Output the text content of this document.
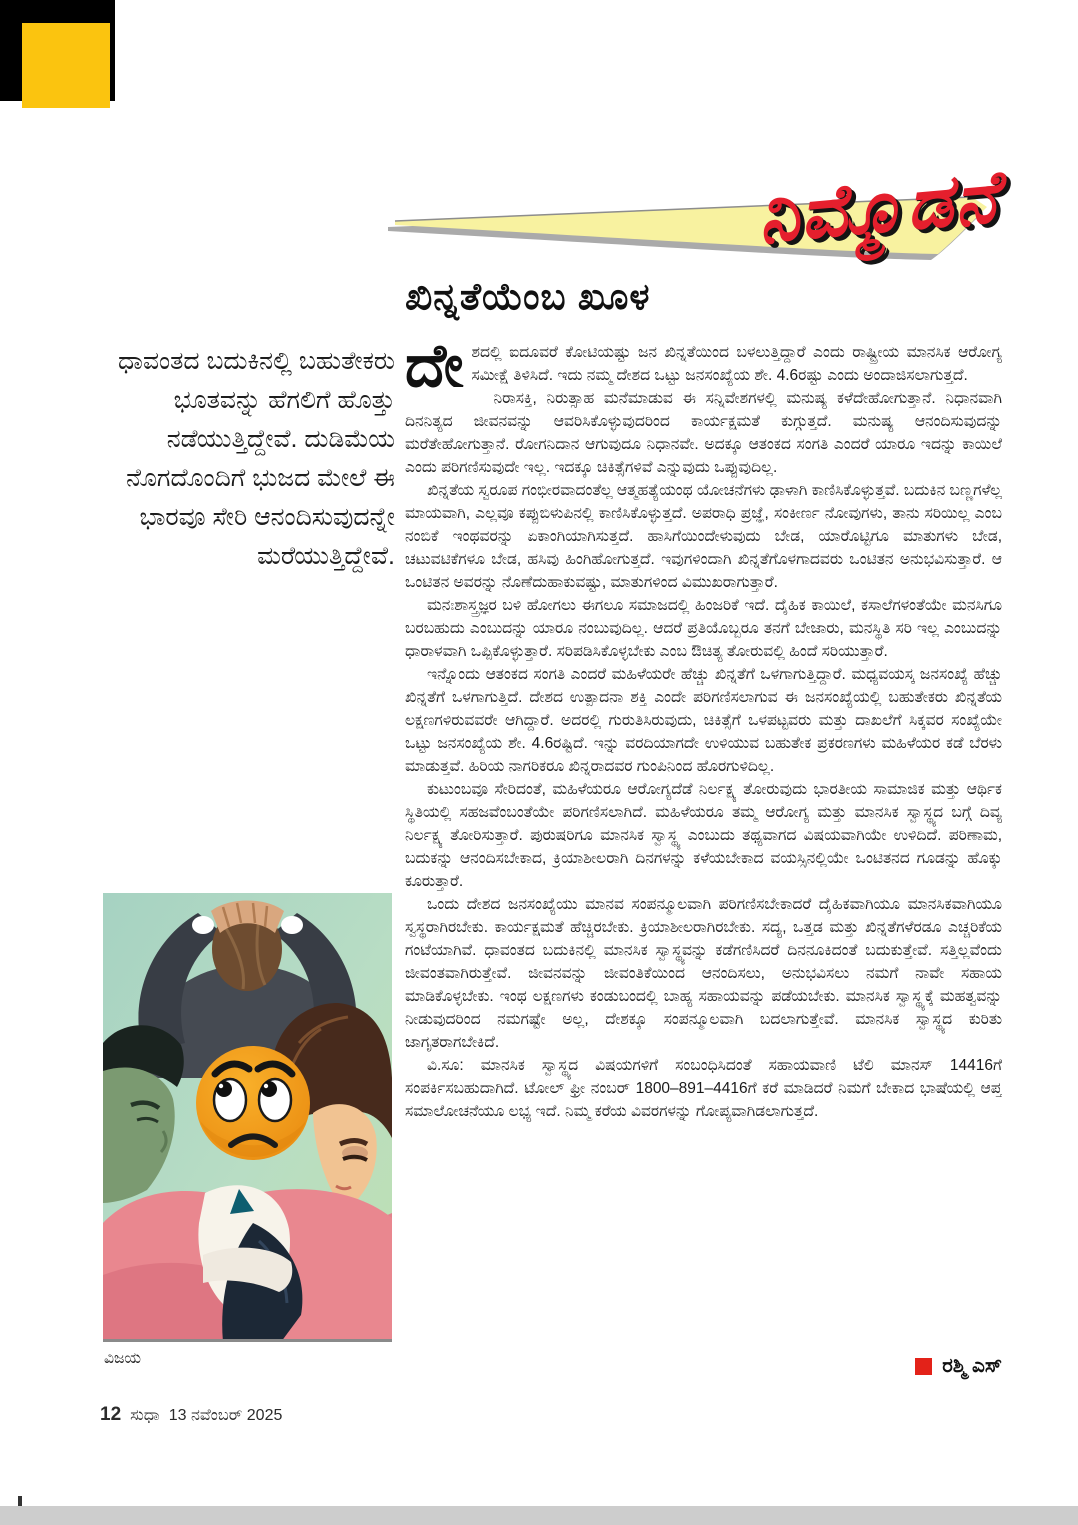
ನಿಮ್ಮೊಡನೆ
ಧಾವಂತದ ಬದುಕಿನಲ್ಲಿ ಬಹುತೇಕರು ಭೂತವನ್ನು ಹೆಗಲಿಗೆ ಹೊತ್ತು ನಡೆಯುತ್ತಿದ್ದೇವೆ. ದುಡಿಮೆಯ ನೊಗದೊಂದಿಗೆ ಭುಜದ ಮೇಲೆ ಈ ಭಾರವೂ ಸೇರಿ ಆನಂದಿಸುವುದನ್ನೇ ಮರೆಯುತ್ತಿದ್ದೇವೆ.
ಖಿನ್ನತೆಯೆಂಬ ಖೂಳ

ದೇಶದಲ್ಲಿ ಐದೂವರೆ ಕೋಟಿಯಷ್ಟು ಜನ ಖಿನ್ನತೆಯಿಂದ ಬಳಲುತ್ತಿದ್ದಾರೆ ಎಂದು ರಾಷ್ಟ್ರೀಯ ಮಾನಸಿಕ ಆರೋಗ್ಯ ಸಮೀಕ್ಷೆ ತಿಳಿಸಿದೆ. ಇದು ನಮ್ಮ ದೇಶದ ಒಟ್ಟು ಜನಸಂಖ್ಯೆಯ ಶೇ. 4.6ರಷ್ಟು ಎಂದು ಅಂದಾಜಿಸಲಾಗುತ್ತದೆ.

ನಿರಾಸಕ್ತಿ, ನಿರುತ್ಸಾಹ ಮನೆಮಾಡುವ ಈ ಸನ್ನಿವೇಶಗಳಲ್ಲಿ ಮನುಷ್ಯ ಕಳೆದೇಹೋಗುತ್ತಾನೆ. ನಿಧಾನವಾಗಿ ದಿನನಿತ್ಯದ ಜೀವನವನ್ನು ಆವರಿಸಿಕೊಳ್ಳುವುದರಿಂದ ಕಾರ್ಯಕ್ಷಮತೆ ಕುಗ್ಗುತ್ತದೆ. ಮನುಷ್ಯ ಆನಂದಿಸುವುದನ್ನು ಮರೆತೇಹೋಗುತ್ತಾನೆ. ರೋಗನಿದಾನ ಆಗುವುದೂ ನಿಧಾನವೇ. ಅದಕ್ಕೂ ಆತಂಕದ ಸಂಗತಿ ಎಂದರೆ ಯಾರೂ ಇದನ್ನು ಕಾಯಿಲೆ ಎಂದು ಪರಿಗಣಿಸುವುದೇ ಇಲ್ಲ. ಇದಕ್ಕೂ ಚಿಕಿತ್ಸೆಗಳಿವೆ ಎನ್ನುವುದು ಒಪ್ಪುವುದಿಲ್ಲ.

ಖಿನ್ನತೆಯ ಸ್ವರೂಪ ಗಂಭೀರವಾದಂತೆಲ್ಲ ಆತ್ಮಹತ್ಯೆಯಂಥ ಯೋಚನೆಗಳು ಢಾಳಾಗಿ ಕಾಣಿಸಿಕೊಳ್ಳುತ್ತವೆ. ಬದುಕಿನ ಬಣ್ಣಗಳೆಲ್ಲ ಮಾಯವಾಗಿ, ಎಲ್ಲವೂ ಕಪ್ಪುಬಿಳುಪಿನಲ್ಲಿ ಕಾಣಿಸಿಕೊಳ್ಳುತ್ತದೆ. ಅಪರಾಧಿ ಪ್ರಜ್ಞೆ, ಸಂಕೀರ್ಣ ನೋವುಗಳು, ತಾನು ಸರಿಯಿಲ್ಲ ಎಂಬ ನಂಬಿಕೆ ಇಂಥವರನ್ನು ಏಕಾಂಗಿಯಾಗಿಸುತ್ತದೆ. ಹಾಸಿಗೆಯಿಂದೇಳುವುದು ಬೇಡ, ಯಾರೊಟ್ಟಿಗೂ ಮಾತುಗಳು ಬೇಡ, ಚಟುವಟಿಕೆಗಳೂ ಬೇಡ, ಹಸಿವು ಹಿಂಗಿಹೋಗುತ್ತದೆ. ಇವುಗಳಿಂದಾಗಿ ಖಿನ್ನತೆಗೊಳಗಾದವರು ಒಂಟಿತನ ಅನುಭವಿಸುತ್ತಾರೆ. ಆ ಒಂಟಿತನ ಅವರನ್ನು ನೊಣೆದುಹಾಕುವಷ್ಟು, ಮಾತುಗಳಿಂದ ವಿಮುಖರಾಗುತ್ತಾರೆ.

ಮನಃಶಾಸ್ತ್ರಜ್ಞರ ಬಳಿ ಹೋಗಲು ಈಗಲೂ ಸಮಾಜದಲ್ಲಿ ಹಿಂಜರಿಕೆ ಇದೆ. ದೈಹಿಕ ಕಾಯಿಲೆ, ಕಸಾಲೆಗಳಂತೆಯೇ ಮನಸಿಗೂ ಬರಬಹುದು ಎಂಬುದನ್ನು ಯಾರೂ ನಂಬುವುದಿಲ್ಲ. ಆದರೆ ಪ್ರತಿಯೊಬ್ಬರೂ ತನಗೆ ಬೇಜಾರು, ಮನಸ್ಥಿತಿ ಸರಿ ಇಲ್ಲ ಎಂಬುದನ್ನು ಧಾರಾಳವಾಗಿ ಒಪ್ಪಿಕೊಳ್ಳುತ್ತಾರೆ. ಸರಿಪಡಿಸಿಕೊಳ್ಳಬೇಕು ಎಂಬ ಔಚಿತ್ಯ ತೋರುವಲ್ಲಿ ಹಿಂದೆ ಸರಿಯುತ್ತಾರೆ.

ಇನ್ನೊಂದು ಆತಂಕದ ಸಂಗತಿ ಎಂದರೆ ಮಹಿಳೆಯರೇ ಹೆಚ್ಚು ಖಿನ್ನತೆಗೆ ಒಳಗಾಗುತ್ತಿದ್ದಾರೆ. ಮಧ್ಯವಯಸ್ಕ ಜನಸಂಖ್ಯೆ ಹೆಚ್ಚು ಖಿನ್ನತೆಗೆ ಒಳಗಾಗುತ್ತಿದೆ. ದೇಶದ ಉತ್ಪಾದನಾ ಶಕ್ತಿ ಎಂದೇ ಪರಿಗಣಿಸಲಾಗುವ ಈ ಜನಸಂಖ್ಯೆಯಲ್ಲಿ ಬಹುತೇಕರು ಖಿನ್ನತೆಯ ಲಕ್ಷಣಗಳಿರುವವರೇ ಆಗಿದ್ದಾರೆ. ಅದರಲ್ಲಿ ಗುರುತಿಸಿರುವುದು, ಚಿಕಿತ್ಸೆಗೆ ಒಳಪಟ್ಟವರು ಮತ್ತು ದಾಖಲೆಗೆ ಸಿಕ್ಕವರ ಸಂಖ್ಯೆಯೇ ಒಟ್ಟು ಜನಸಂಖ್ಯೆಯ ಶೇ. 4.6ರಷ್ಟಿದೆ. ಇನ್ನು ವರದಿಯಾಗದೇ ಉಳಿಯುವ ಬಹುತೇಕ ಪ್ರಕರಣಗಳು ಮಹಿಳೆಯರ ಕಡೆ ಬೆರಳು ಮಾಡುತ್ತವೆ. ಹಿರಿಯ ನಾಗರಿಕರೂ ಖಿನ್ನರಾದವರ ಗುಂಪಿನಿಂದ ಹೊರಗುಳಿದಿಲ್ಲ.

ಕುಟುಂಬವೂ ಸೇರಿದಂತೆ, ಮಹಿಳೆಯರೂ ಆರೋಗ್ಯದೆಡೆ ನಿರ್ಲಕ್ಷ್ಯ ತೋರುವುದು ಭಾರತೀಯ ಸಾಮಾಜಿಕ ಮತ್ತು ಆರ್ಥಿಕ ಸ್ಥಿತಿಯಲ್ಲಿ ಸಹಜವೆಂಬಂತೆಯೇ ಪರಿಗಣಿಸಲಾಗಿದೆ. ಮಹಿಳೆಯರೂ ತಮ್ಮ ಆರೋಗ್ಯ ಮತ್ತು ಮಾನಸಿಕ ಸ್ವಾಸ್ಥ್ಯದ ಬಗ್ಗೆ ದಿವ್ಯ ನಿರ್ಲಕ್ಷ್ಯ ತೋರಿಸುತ್ತಾರೆ. ಪುರುಷರಿಗೂ ಮಾನಸಿಕ ಸ್ವಾಸ್ಥ್ಯ ಎಂಬುದು ತಥ್ಯವಾಗದ ವಿಷಯವಾಗಿಯೇ ಉಳಿದಿದೆ. ಪರಿಣಾಮ, ಬದುಕನ್ನು ಆನಂದಿಸಬೇಕಾದ, ಕ್ರಿಯಾಶೀಲರಾಗಿ ದಿನಗಳನ್ನು ಕಳೆಯಬೇಕಾದ ವಯಸ್ಸಿನಲ್ಲಿಯೇ ಒಂಟಿತನದ ಗೂಡನ್ನು ಹೊಕ್ಕು ಕೂರುತ್ತಾರೆ.

ಒಂದು ದೇಶದ ಜನಸಂಖ್ಯೆಯು ಮಾನವ ಸಂಪನ್ಮೂಲವಾಗಿ ಪರಿಗಣಿಸಬೇಕಾದರೆ ದೈಹಿಕವಾಗಿಯೂ ಮಾನಸಿಕವಾಗಿಯೂ ಸ್ವಸ್ಥರಾಗಿರಬೇಕು. ಕಾರ್ಯಕ್ಷಮತೆ ಹೆಚ್ಚಿರಬೇಕು. ಕ್ರಿಯಾಶೀಲರಾಗಿರಬೇಕು. ಸದ್ಯ, ಒತ್ತಡ ಮತ್ತು ಖಿನ್ನತೆಗಳೆರಡೂ ಎಚ್ಚರಿಕೆಯ ಗಂಟೆಯಾಗಿವೆ. ಧಾವಂತದ ಬದುಕಿನಲ್ಲಿ ಮಾನಸಿಕ ಸ್ವಾಸ್ಥ್ಯವನ್ನು ಕಡೆಗಣಿಸಿದರೆ ದಿನನೂಕಿದಂತೆ ಬದುಕುತ್ತೇವೆ. ಸತ್ತಿಲ್ಲವೆಂದು ಜೀವಂತವಾಗಿರುತ್ತೇವೆ. ಜೀವನವನ್ನು ಜೀವಂತಿಕೆಯಿಂದ ಆನಂದಿಸಲು, ಅನುಭವಿಸಲು ನಮಗೆ ನಾವೇ ಸಹಾಯ ಮಾಡಿಕೊಳ್ಳಬೇಕು. ಇಂಥ ಲಕ್ಷಣಗಳು ಕಂಡುಬಂದಲ್ಲಿ ಬಾಹ್ಯ ಸಹಾಯವನ್ನು ಪಡೆಯಬೇಕು. ಮಾನಸಿಕ ಸ್ವಾಸ್ಥ್ಯಕ್ಕೆ ಮಹತ್ವವನ್ನು ನೀಡುವುದರಿಂದ ನಮಗಷ್ಟೇ ಅಲ್ಲ, ದೇಶಕ್ಕೂ ಸಂಪನ್ಮೂಲವಾಗಿ ಬದಲಾಗುತ್ತೇವೆ. ಮಾನಸಿಕ ಸ್ವಾಸ್ಥ್ಯದ ಕುರಿತು ಜಾಗೃತರಾಗಬೇಕಿದೆ.

ವಿ.ಸೂ: ಮಾನಸಿಕ ಸ್ವಾಸ್ಥ್ಯದ ವಿಷಯಗಳಿಗೆ ಸಂಬಂಧಿಸಿದಂತೆ ಸಹಾಯವಾಣಿ ಟೆಲಿ ಮಾನಸ್ 14416ಗೆ ಸಂಪರ್ಕಿಸಬಹುದಾಗಿದೆ. ಟೋಲ್ ಫ್ರೀ ನಂಬರ್ 1800–891–4416ಗೆ ಕರೆ ಮಾಡಿದರೆ ನಿಮಗೆ ಬೇಕಾದ ಭಾಷೆಯಲ್ಲಿ ಆಪ್ತ ಸಮಾಲೋಚನೆಯೂ ಲಭ್ಯ ಇದೆ. ನಿಮ್ಮ ಕರೆಯ ವಿವರಗಳನ್ನು ಗೋಪ್ಯವಾಗಿಡಲಾಗುತ್ತದೆ.

ರಶ್ಮಿ ಎಸ್
ವಿಜಯ
12 ಸುಧಾ 13 ನವೆಂಬರ್ 2025
